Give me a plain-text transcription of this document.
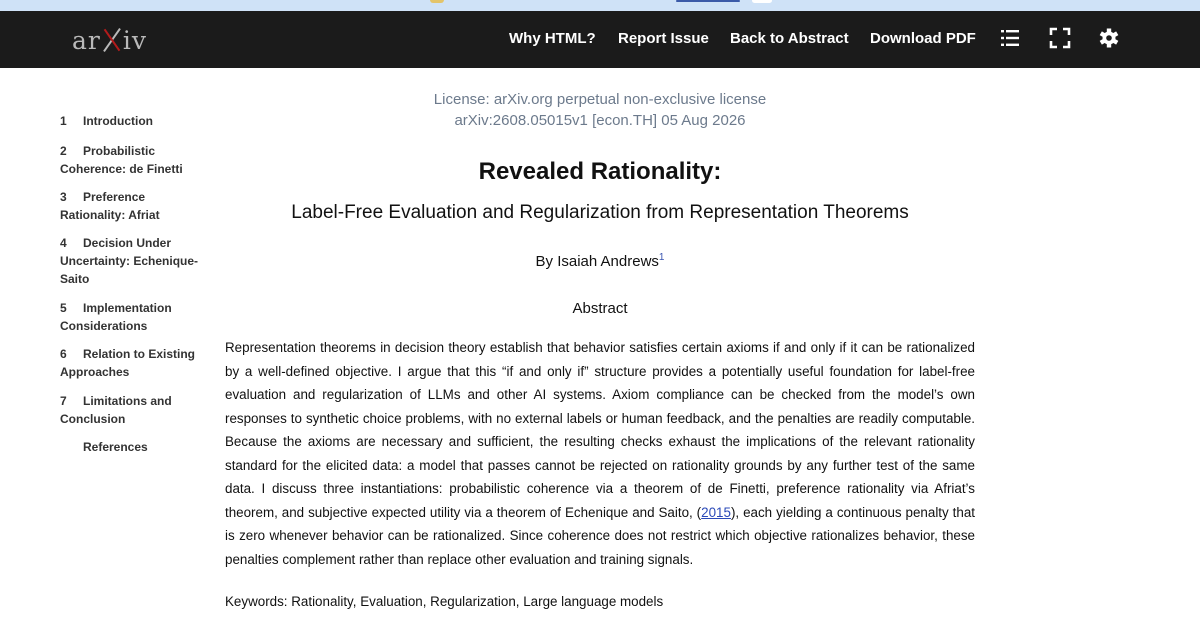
ar iv	Why HTML? Report Issue Back to Abstract Download PDF
1 Introduction
2 Probabilistic Coherence: de Finetti
3 Preference Rationality: Afriat
4 Decision Under Uncertainty: Echenique-Saito
5 Implementation Considerations
6 Relation to Existing Approaches
7 Limitations and Conclusion
References
License: arXiv.org perpetual non-exclusive license
arXiv:2608.05015v1 [econ.TH] 05 Aug 2026
Revealed Rationality:
Label-Free Evaluation and Regularization from Representation Theorems
By Isaiah Andrews$^1$
Abstract

Representation theorems in decision theory establish that behavior satisfies certain axioms if and only if it can be rationalized by a well-defined objective. I argue that this “if and only if” structure provides a potentially useful foundation for label-free evaluation and regularization of LLMs and other AI systems. Axiom compliance can be checked from the model’s own responses to synthetic choice problems, with no external labels or human feedback, and the penalties are readily computable. Because the axioms are necessary and sufficient, the resulting checks exhaust the implications of the relevant rationality standard for the elicited data: a model that passes cannot be rejected on rationality grounds by any further test of the same data. I discuss three instantiations: probabilistic coherence via a theorem of de Finetti, preference rationality via Afriat’s theorem, and subjective expected utility via a theorem of Echenique and Saito, (2015), each yielding a continuous penalty that is zero whenever behavior can be rationalized. Since coherence does not restrict which objective rationalizes behavior, these penalties complement rather than replace other evaluation and training signals.

Keywords: Rationality, Evaluation, Regularization, Large language models
